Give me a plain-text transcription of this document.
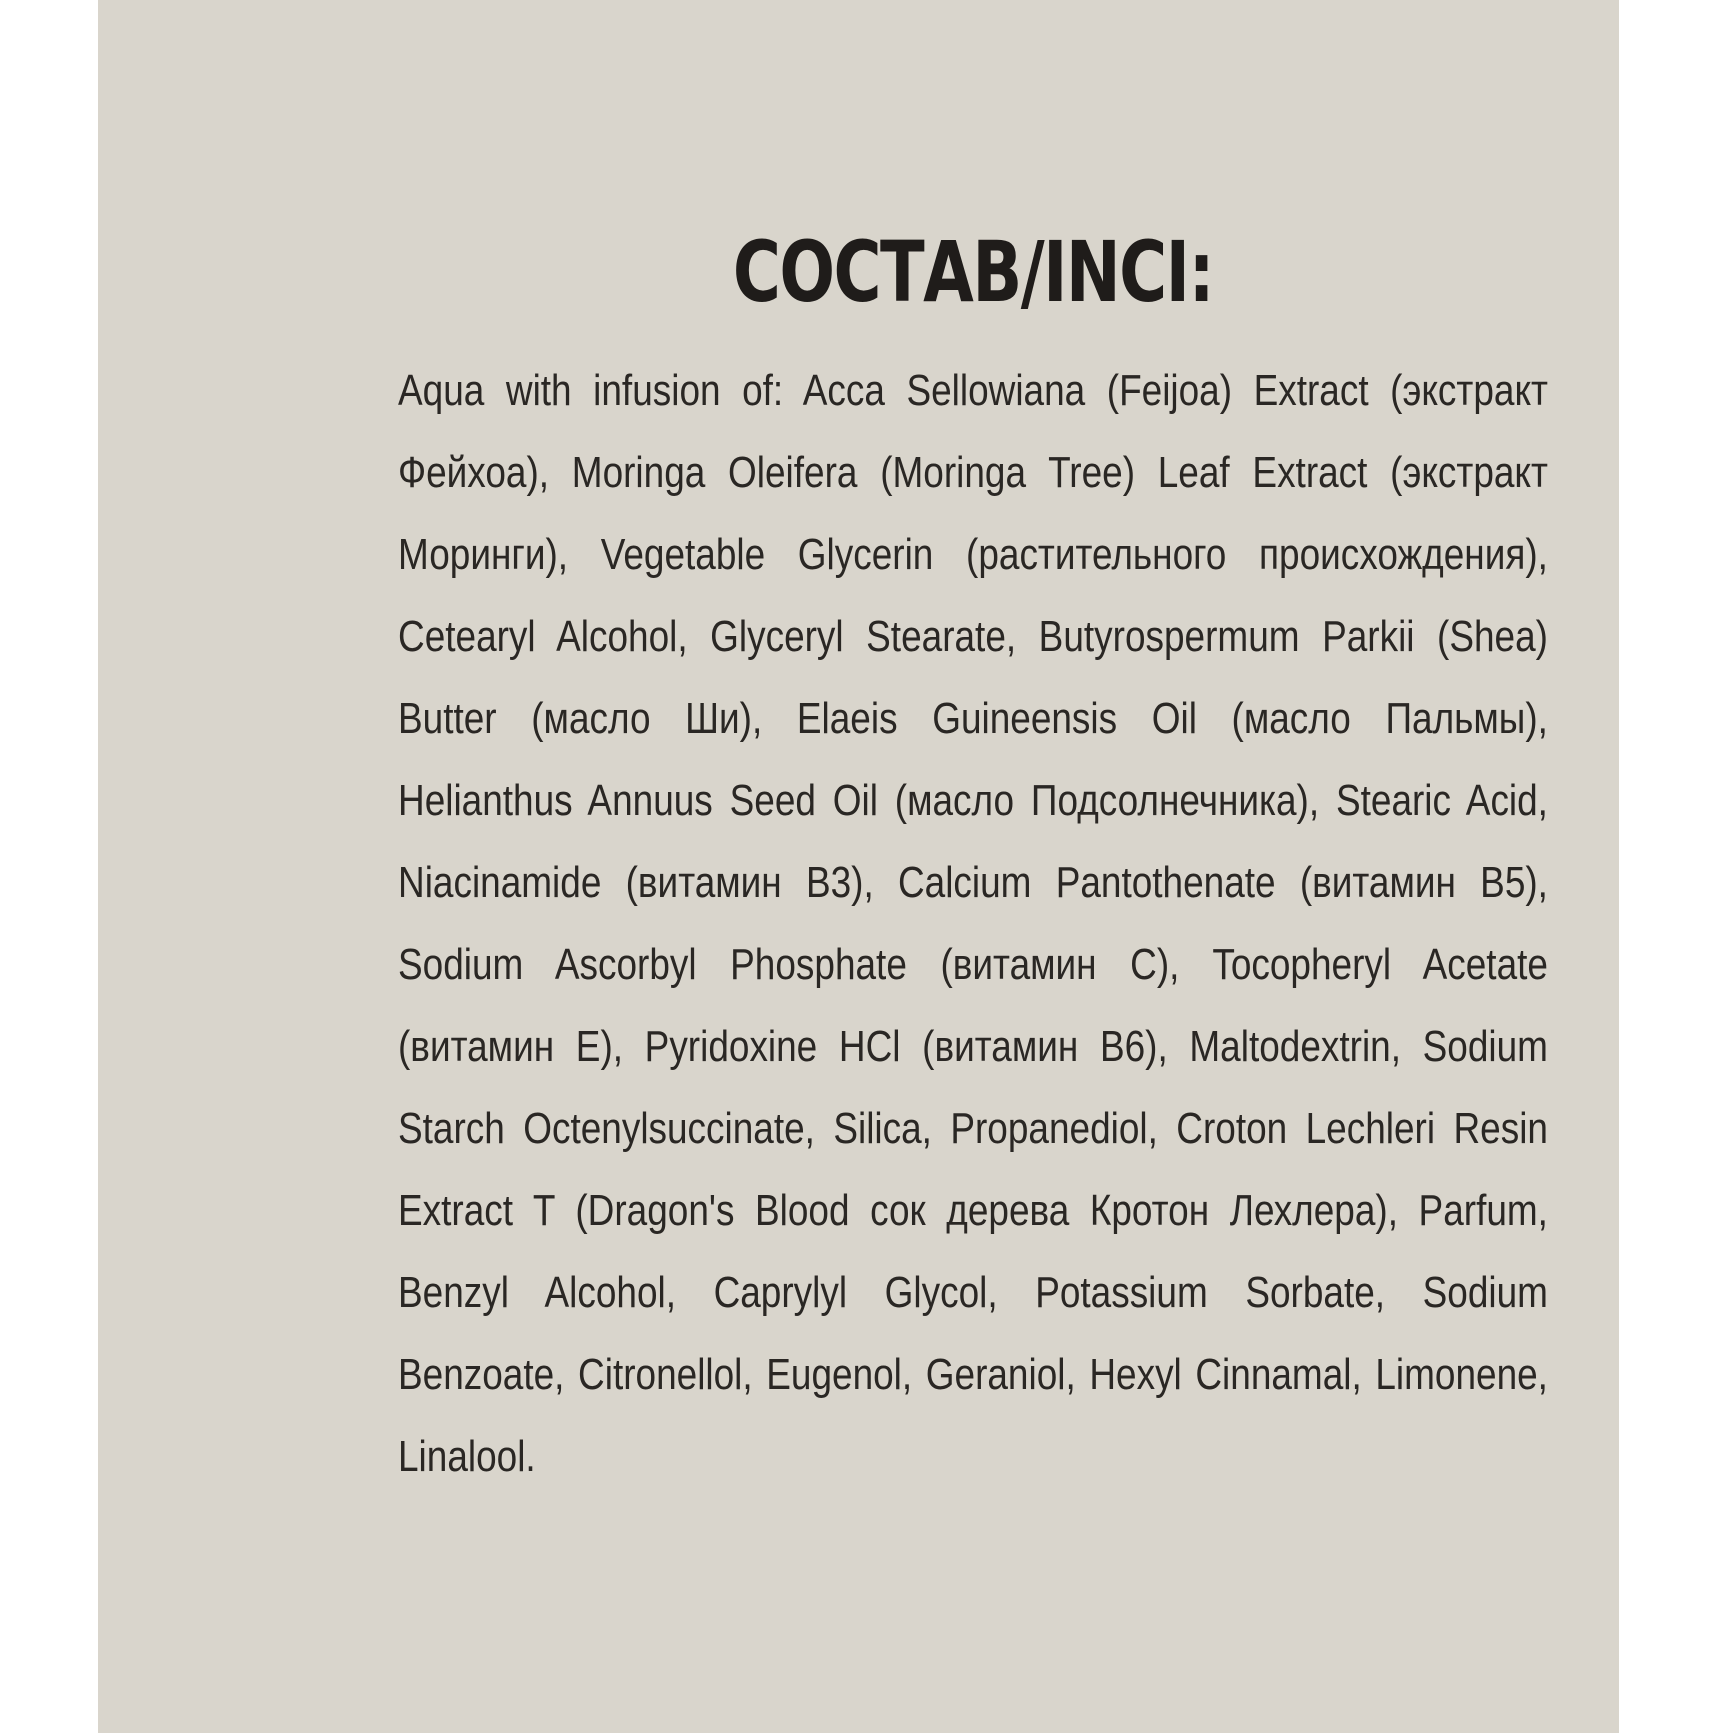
СОСТАВ/INCI:
Aqua with infusion of: Acca Sellowiana (Feijoa) Extract (экстракт
Фейхоа), Moringa Oleifera (Moringa Tree) Leaf Extract (экстракт
Моринги), Vegetable Glycerin (растительного происхождения),
Cetearyl Alcohol, Glyceryl Stearate, Butyrospermum Parkii (Shea)
Butter (масло Ши), Elaeis Guineensis Oil (масло Пальмы),
Helianthus Annuus Seed Oil (масло Подсолнечника), Stearic Acid,
Niacinamide (витамин B3), Calcium Pantothenate (витамин B5),
Sodium Ascorbyl Phosphate (витамин С), Tocopheryl Acetate
(витамин Е), Pyridoxine HCl (витамин B6), Maltodextrin, Sodium
Starch Octenylsuccinate, Silica, Propanediol, Croton Lechleri Resin
Extract T (Dragon's Blood сок дерева Кротон Лехлера), Parfum,
Benzyl Alcohol, Caprylyl Glycol, Potassium Sorbate, Sodium
Benzoate, Citronellol, Eugenol, Geraniol, Hexyl Cinnamal, Limonene,
Linalool.
